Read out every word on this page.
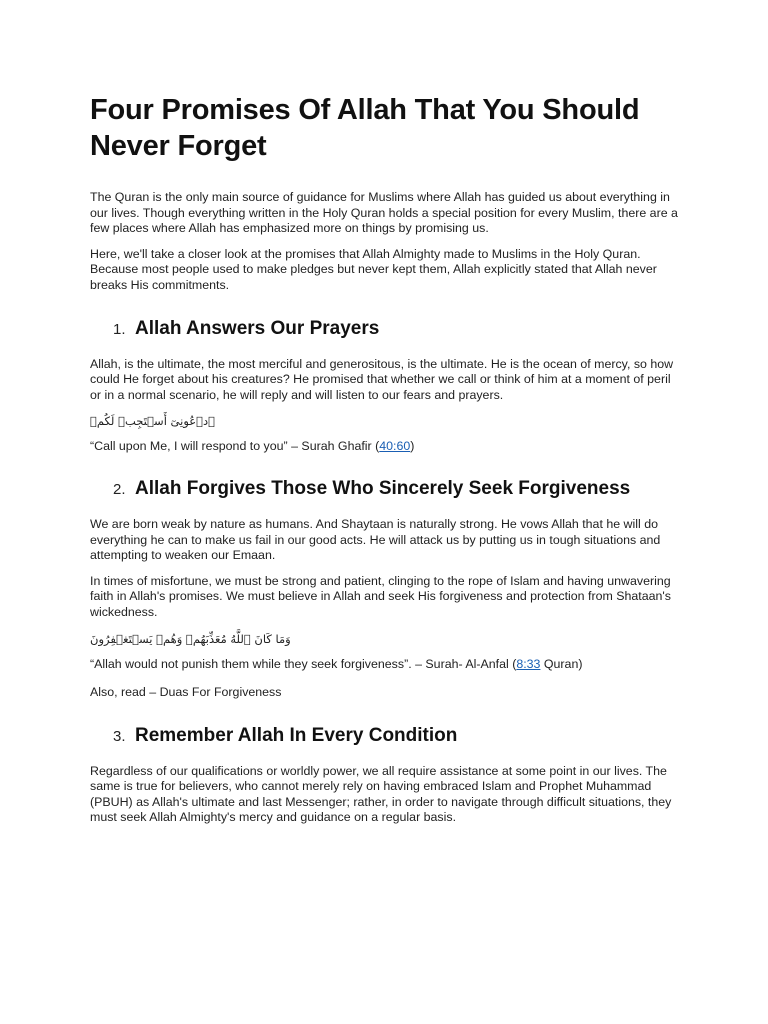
Four Promises Of Allah That You Should Never Forget

The Quran is the only main source of guidance for Muslims where Allah has guided us about everything in our lives. Though everything written in the Holy Quran holds a special position for every Muslim, there are a few places where Allah has emphasized more on things by promising us.

Here, we'll take a closer look at the promises that Allah Almighty made to Muslims in the Holy Quran. Because most people used to make pledges but never kept them, Allah explicitly stated that Allah never breaks His commitments.

1. Allah Answers Our Prayers

Allah, is the ultimate, the most merciful and generositous, is the ultimate. He is the ocean of mercy, so how could He forget about his creatures? He promised that whether we call or think of him at a moment of peril or in a normal scenario, he will reply and will listen to our fears and prayers.

ٱدۡعُونِىٓ أَسۡتَجِبۡ لَكُمۡ

“Call upon Me, I will respond to you” – Surah Ghafir (40:60)

2. Allah Forgives Those Who Sincerely Seek Forgiveness

We are born weak by nature as humans. And Shaytaan is naturally strong. He vows Allah that he will do everything he can to make us fail in our good acts. He will attack us by putting us in tough situations and attempting to weaken our Emaan.

In times of misfortune, we must be strong and patient, clinging to the rope of Islam and having unwavering faith in Allah's promises. We must believe in Allah and seek His forgiveness and protection from Shataan's wickedness.

وَمَا كَانَ ٱللَّهُ مُعَذِّبَهُمۡ وَهُمۡ يَسۡتَغۡفِرُونَ

“Allah would not punish them while they seek forgiveness”. – Surah- Al-Anfal (8:33 Quran)

Also, read – Duas For Forgiveness

3. Remember Allah In Every Condition

Regardless of our qualifications or worldly power, we all require assistance at some point in our lives. The same is true for believers, who cannot merely rely on having embraced Islam and Prophet Muhammad (PBUH) as Allah's ultimate and last Messenger; rather, in order to navigate through difficult situations, they must seek Allah Almighty's mercy and guidance on a regular basis.
